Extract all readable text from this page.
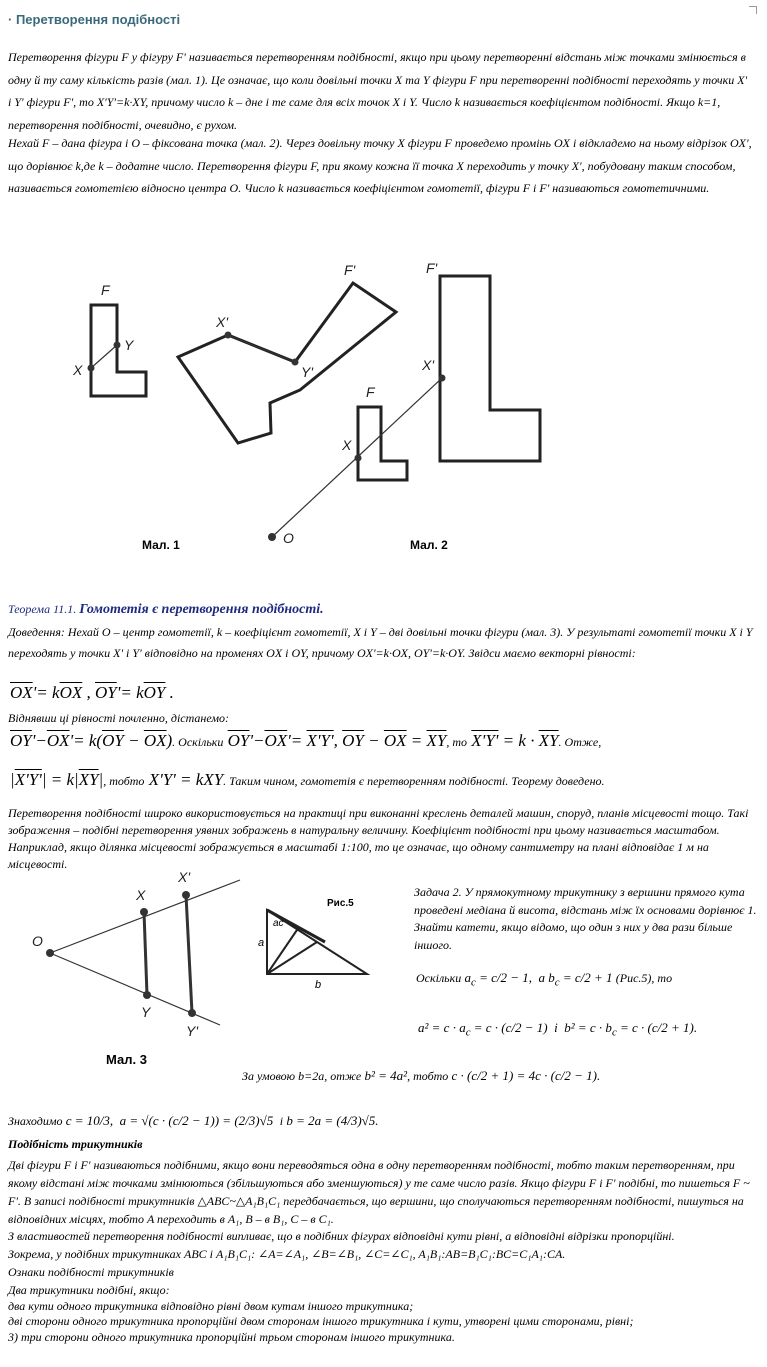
· Перетворення подібності
Перетворення фігури F у фігуру F' називається перетворенням подібності, якщо при цьому перетворенні відстань між точками змінюється в одну й ту саму кількість разів (мал. 1). Це означає, що коли довільні точки X та Y фігури F при перетворенні подібності переходять у точки X' і Y' фігури F', то X'Y'=k·XY, причому число k – дне і те саме для всіх точок X і Y. Число k називається коефіцієнтом подібності. Якщо k=1, перетворення подібності, очевидно, є рухом.
Нехай F – дана фігура і O – фіксована точка (мал. 2). Через довільну точку X фігури F проведемо промінь OX і відкладемо на ньому відрізок OX', що дорівнює k,де k – додатне число. Перетворення фігури F, при якому кожна її точка X переходить у точку X', побудовану таким способом, називається гомотетією відносно центра O. Число k називається коефіцієнтом гомотетії, фігури F і F' називаються гомотетичними.
F
X
Y
F'
X'
Y'
F
X
F'
X'
O
Мал. 1	Мал. 2
Теорема 11.1. Гомотетія є перетворення подібності.
Доведення: Нехай O – центр гомотетії, k – коефіцієнт гомотетії, X і Y – дві довільні точки фігури (мал. 3). У результаті гомотетії точки X і Y переходять у точки X' і Y' відповідно на променях OX і OY, причому OX'=k·OX, OY'=k·OY. Звідси маємо векторні рівності:
$\overline{OX}'= k\overline{OX}$ , $\overline{OY}'= k\overline{OY}$ .
Віднявши ці рівності почленно, дістанемо:
$\overline{OY}'-\overline{OX}'= k(\overline{OY} - \overline{OX})$. Оскільки $\overline{OY}'-\overline{OX}'= X'Y'$, $\overline{OY} - \overline{OX} = \overline{XY}$, то $X'Y' = k \cdot \overline{XY}$. Отже,
$|X'Y'| = k|\overline{XY}|$, тобто X'Y' = kXY. Таким чином, гомотетія є перетворенням подібності. Теорему доведено.
Перетворення подібності широко використовується на практиці при виконанні креслень деталей машин, споруд, планів місцевості тощо. Такі зображення – подібні перетворення уявних зображень в натуральну величину. Коефіцієнт подібності при цьому називається масштабом. Наприклад, якщо ділянка місцевості зображується в масштабі 1:100, то це означає, що одному сантиметру на плані відповідає 1 м на місцевості.
O
X
X'
Y
Y'
Мал. 3
Рис.5
a
b
ac
Задача 2. У прямокутному трикутнику з вершини прямого кута проведені медіана й висота, відстань між їх основами дорівнює 1. Знайти катети, якщо відомо, що один з них у два рази більше іншого.
Оскільки $a_c = c/2 - 1$,  a $b_c = c/2 + 1$ (Рис.5), то
$a^2 = c \cdot a_c = c \cdot (c/2 - 1)$  і  $b^2 = c \cdot b_c = c \cdot (c/2 + 1)$.
За умовою b=2a, отже b² = 4a², тобто c · (c/2 + 1) = 4c · (c/2 − 1).
Знаходимо c = 10/3,  a = √(c · (c/2 − 1)) = (2/3)√5  і b = 2a = (4/3)√5.
Подібність трикутників
Дві фігури F і F' називаються подібними, якщо вони переводяться одна в одну перетворенням подібності, тобто таким перетворенням, при якому відстані між точками змінюються (збільшуються або зменшуються) у те саме число разів. Якщо фігури F і F' подібні, то пишеться F ~ F'. В записі подібності трикутників △ABC~△A₁B₁C₁ передбачається, що вершини, що сполучаються перетворенням подібності, пишуться на відповідних місцях, тобто A переходить в A₁, B – в B₁, C – в C₁.
З властивостей перетворення подібності випливає, що в подібних фігурах відповідні кути рівні, а відповідні відрізки пропорційні.
Зокрема, у подібних трикутниках ABC і A₁B₁C₁: ∠A=∠A₁, ∠B=∠B₁, ∠C=∠C₁, A₁B₁:AB=B₁C₁:BC=C₁A₁:CA.
Ознаки подібності трикутників
Два трикутники подібні, якщо:
два кути одного трикутника відповідно рівні двом кутам іншого трикутника;
дві сторони одного трикутника пропорційні двом сторонам іншого трикутника і кути, утворені цими сторонами, рівні;
3) три сторони одного трикутника пропорційні трьом сторонам іншого трикутника.
